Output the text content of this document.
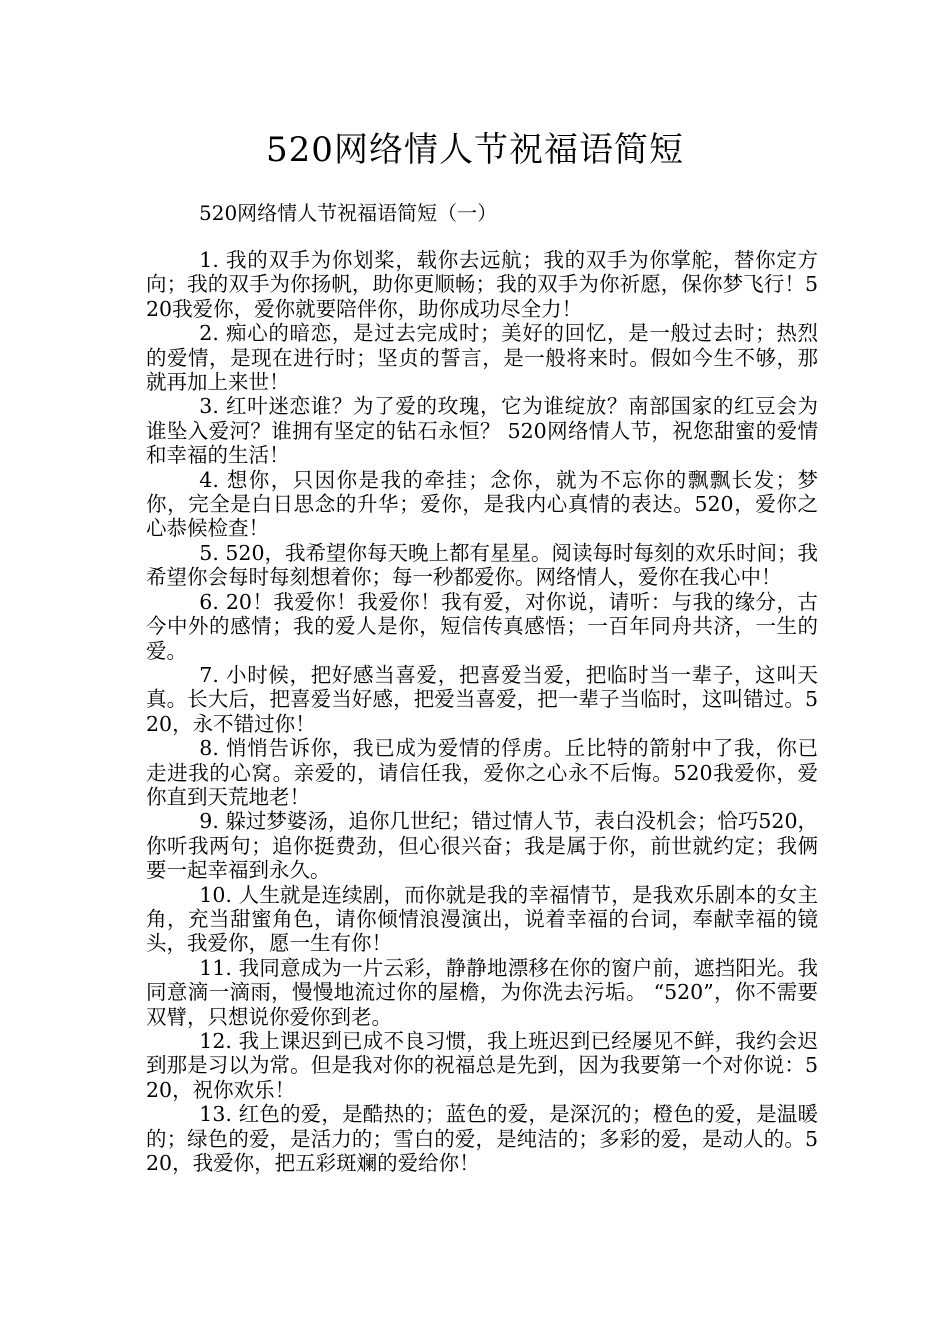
520网络情人节祝福语简短
520网络情人节祝福语简短（一）

1. 我的双手为你划桨，载你去远航；我的双手为你掌舵，替你定方向；我的双手为你扬帆，助你更顺畅；我的双手为你祈愿，保你梦飞行！520我爱你，爱你就要陪伴你，助你成功尽全力！

2. 痴心的暗恋，是过去完成时；美好的回忆，是一般过去时；热烈的爱情，是现在进行时；坚贞的誓言，是一般将来时。假如今生不够，那就再加上来世！

3. 红叶迷恋谁？为了爱的玫瑰，它为谁绽放？南部国家的红豆会为谁坠入爱河？谁拥有坚定的钻石永恒？ 520网络情人节，祝您甜蜜的爱情和幸福的生活！

4. 想你，只因你是我的牵挂；念你，就为不忘你的飘飘长发；梦你，完全是白日思念的升华；爱你，是我内心真情的表达。520，爱你之心恭候检查！

5. 520，我希望你每天晚上都有星星。阅读每时每刻的欢乐时间；我希望你会每时每刻想着你；每一秒都爱你。网络情人，爱你在我心中！

6. 20！我爱你！我爱你！我有爱，对你说，请听：与我的缘分，古今中外的感情；我的爱人是你，短信传真感悟；一百年同舟共济，一生的爱。

7. 小时候，把好感当喜爱，把喜爱当爱，把临时当一辈子，这叫天真。长大后，把喜爱当好感，把爱当喜爱，把一辈子当临时，这叫错过。520，永不错过你！

8. 悄悄告诉你，我已成为爱情的俘虏。丘比特的箭射中了我，你已走进我的心窝。亲爱的，请信任我，爱你之心永不后悔。520我爱你，爱你直到天荒地老！

9. 躲过梦婆汤，追你几世纪；错过情人节，表白没机会；恰巧520，你听我两句；追你挺费劲，但心很兴奋；我是属于你，前世就约定；我俩要一起幸福到永久。

10. 人生就是连续剧，而你就是我的幸福情节，是我欢乐剧本的女主角，充当甜蜜角色，请你倾情浪漫演出，说着幸福的台词，奉献幸福的镜头，我爱你，愿一生有你！

11. 我同意成为一片云彩，静静地漂移在你的窗户前，遮挡阳光。我同意滴一滴雨，慢慢地流过你的屋檐，为你洗去污垢。 “520”，你不需要双臂，只想说你爱你到老。

12. 我上课迟到已成不良习惯，我上班迟到已经屡见不鲜，我约会迟到那是习以为常。但是我对你的祝福总是先到，因为我要第一个对你说：520，祝你欢乐！

13. 红色的爱，是酷热的；蓝色的爱，是深沉的；橙色的爱，是温暖的；绿色的爱，是活力的；雪白的爱，是纯洁的；多彩的爱，是动人的。520，我爱你，把五彩斑斓的爱给你！
